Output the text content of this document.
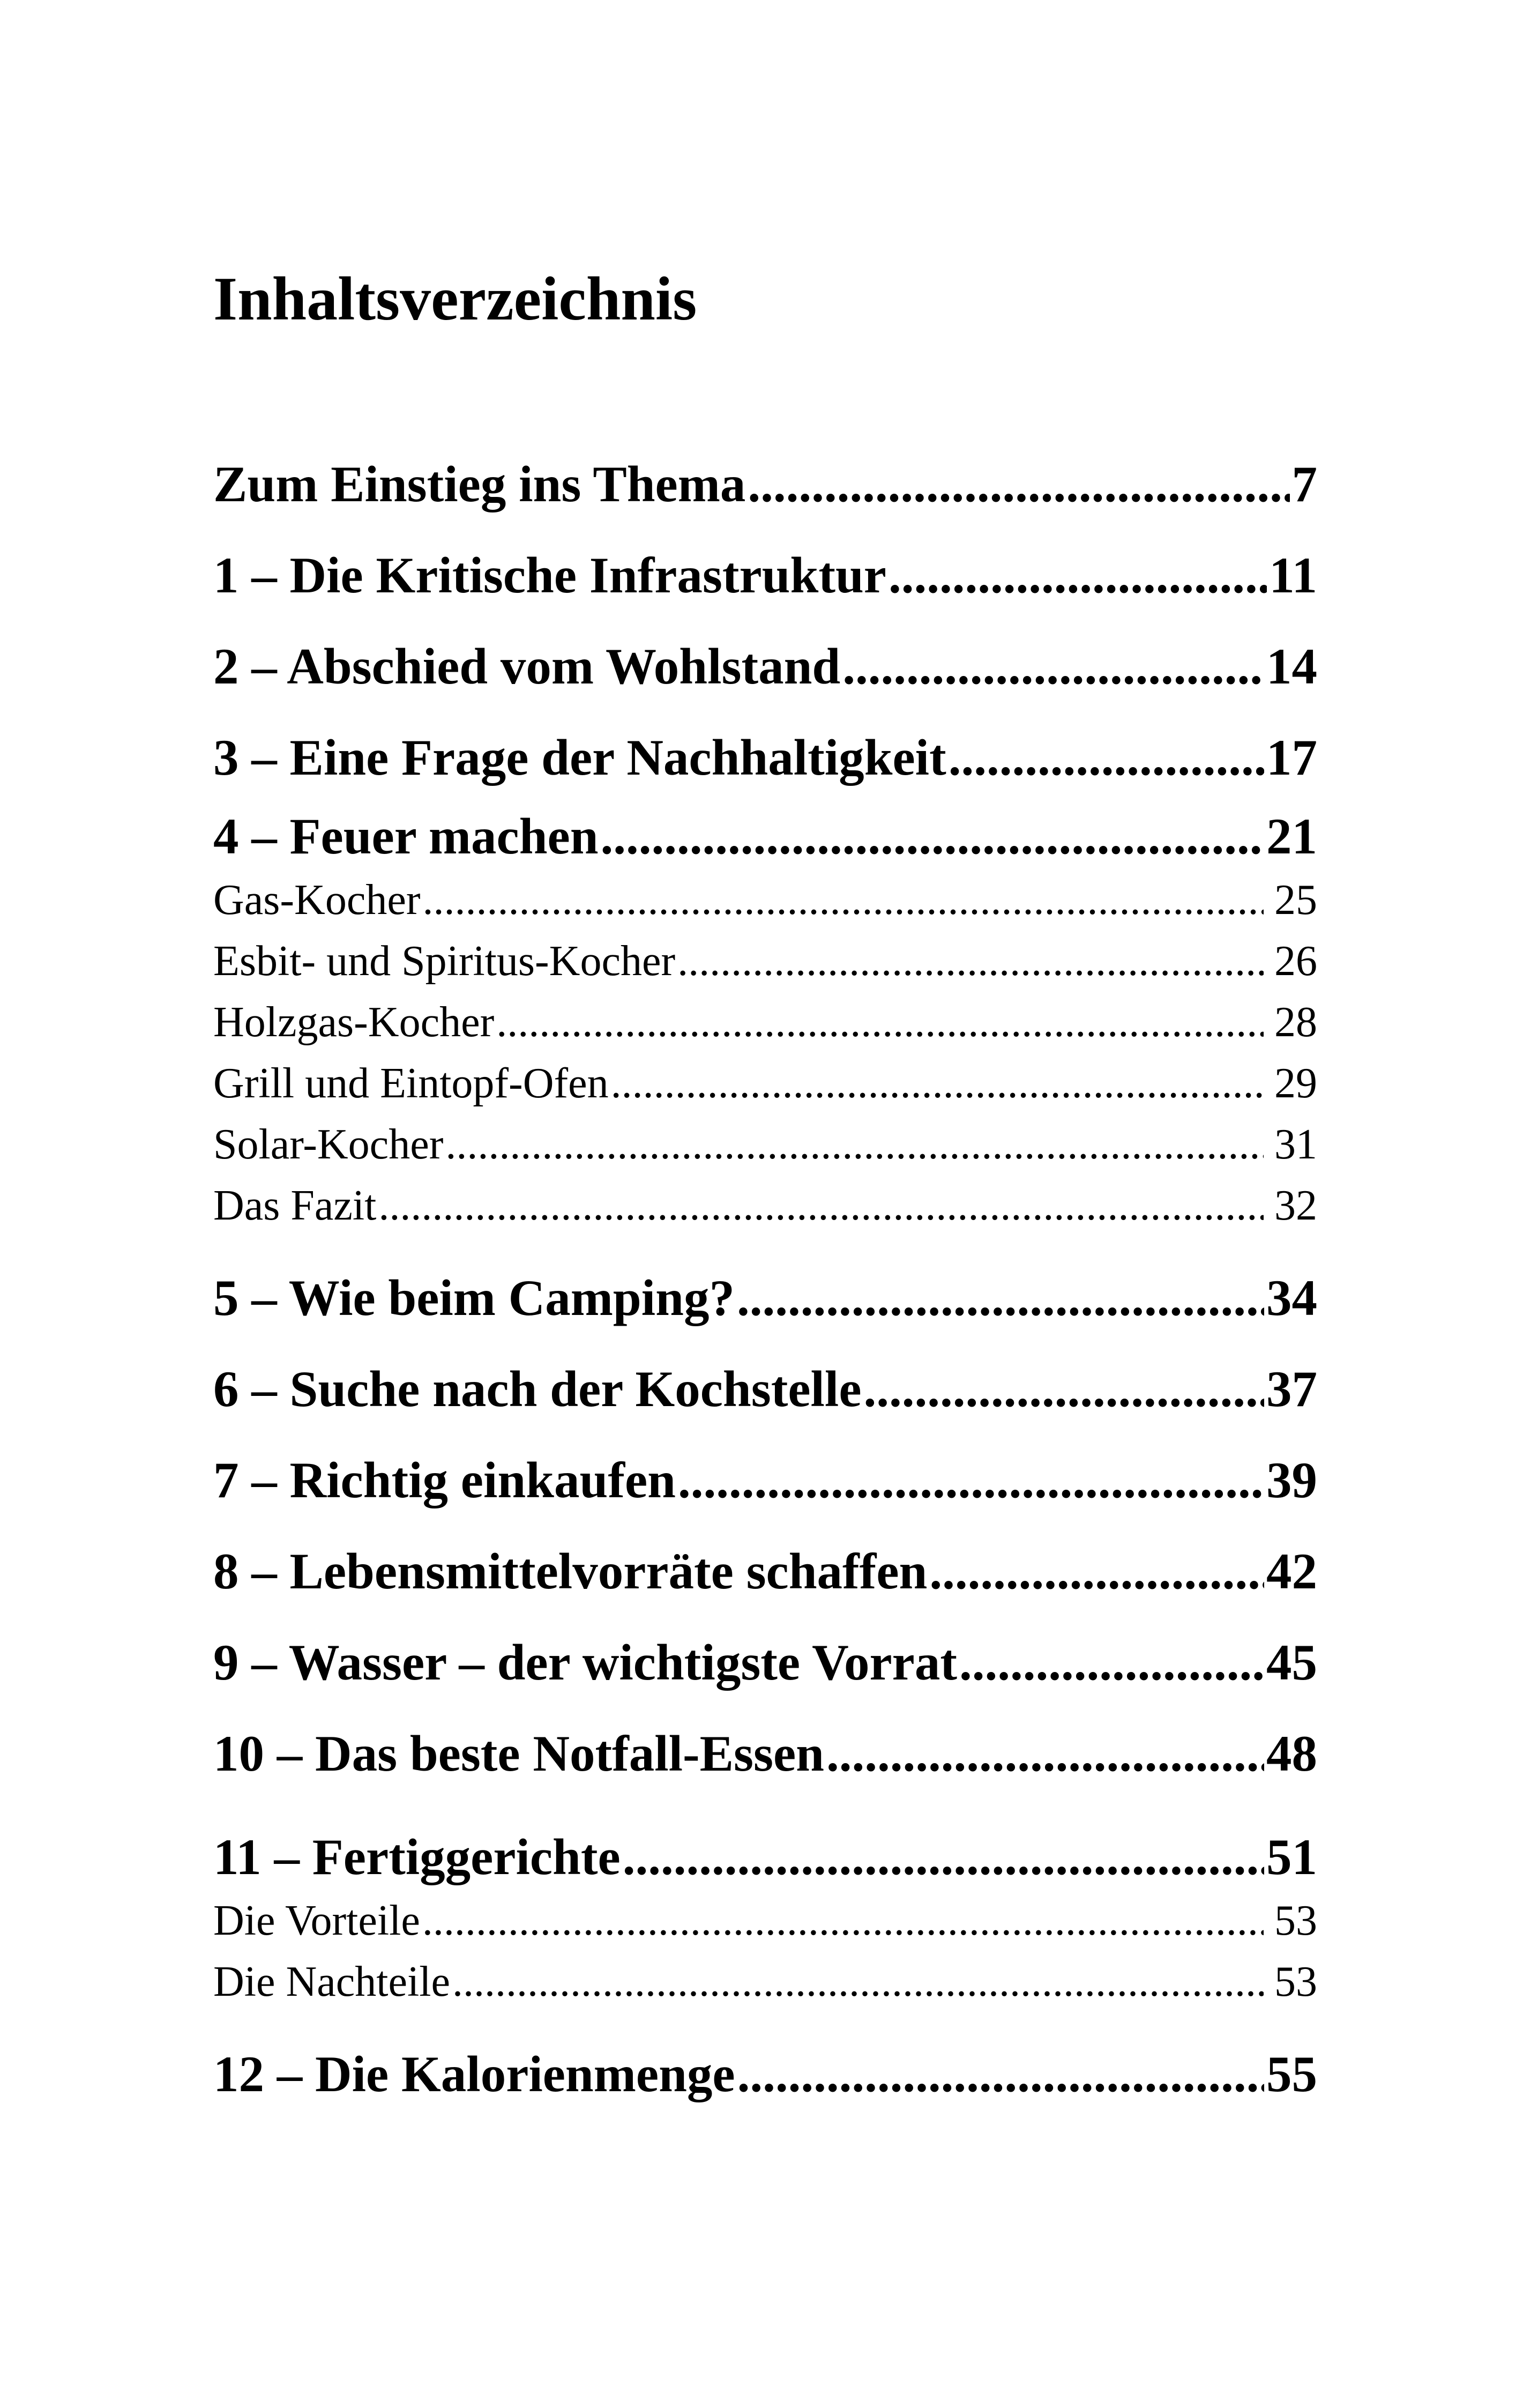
Inhaltsverzeichnis
Zum Einstieg ins Thema .....	7
1 – Die Kritische Infrastruktur .....	11
2 – Abschied vom Wohlstand .....	14
3 – Eine Frage der Nachhaltigkeit .....	17
4 – Feuer machen .....	21
Gas-Kocher .....	25
Esbit- und Spiritus-Kocher .....	26
Holzgas-Kocher .....	28
Grill und Eintopf-Ofen .....	29
Solar-Kocher .....	31
Das Fazit .....	32
5 – Wie beim Camping? .....	34
6 – Suche nach der Kochstelle .....	37
7 – Richtig einkaufen .....	39
8 – Lebensmittelvorräte schaffen .....	42
9 – Wasser – der wichtigste Vorrat .....	45
10 – Das beste Notfall-Essen .....	48
11 – Fertiggerichte .....	51
Die Vorteile .....	53
Die Nachteile .....	53
12 – Die Kalorienmenge .....	55
